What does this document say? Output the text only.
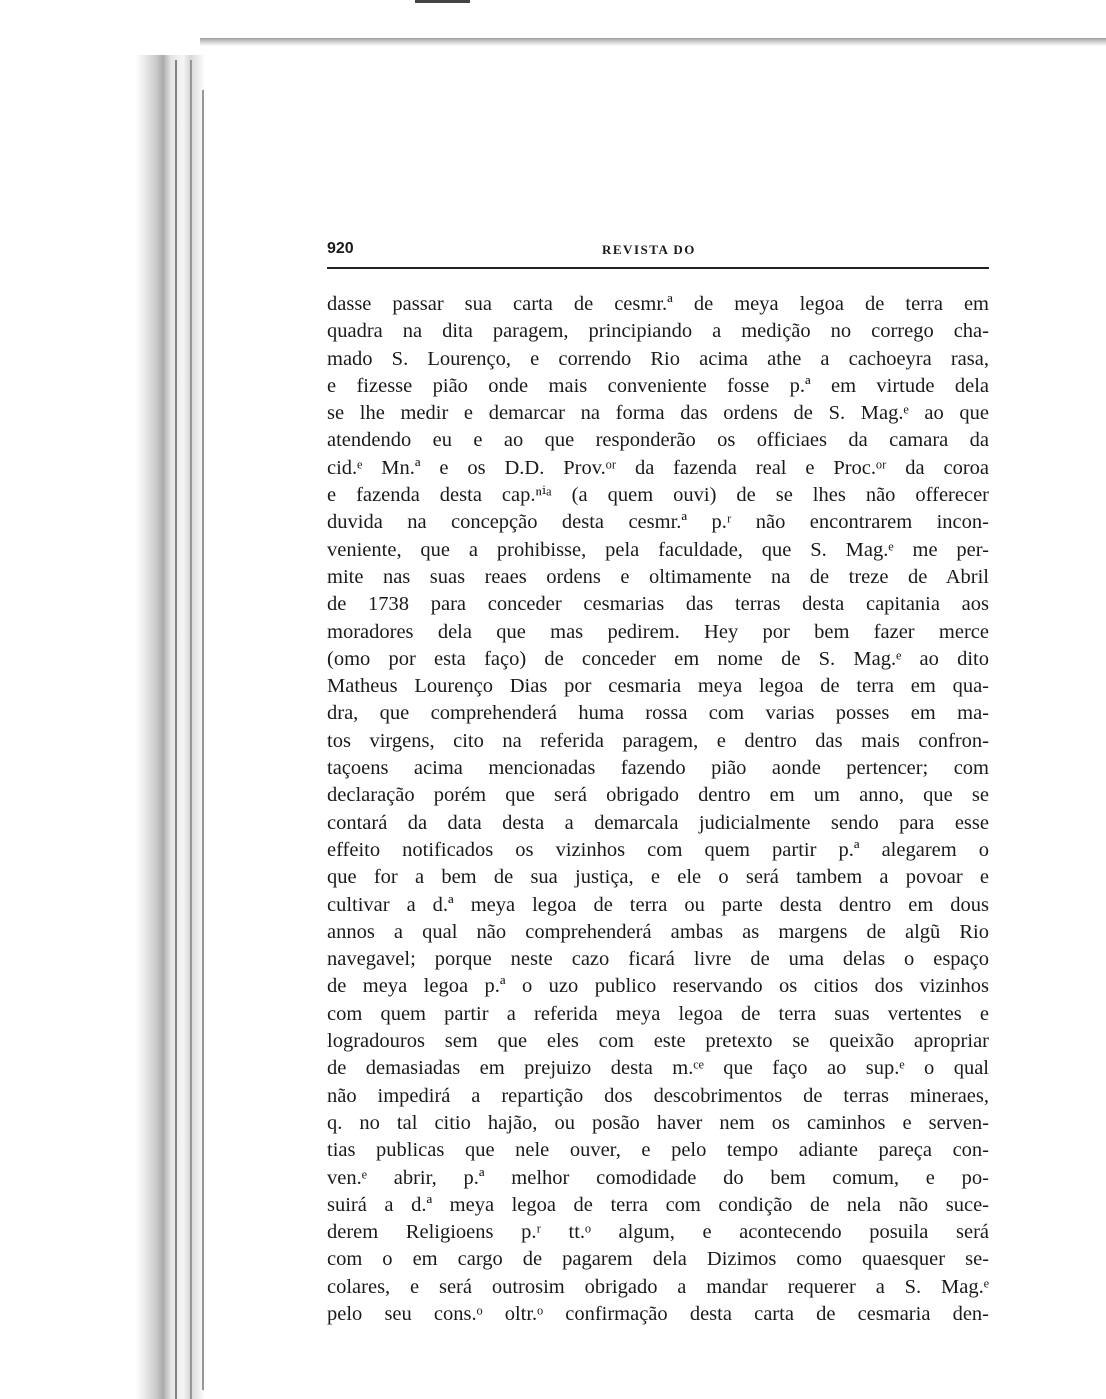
920	REVISTA DO
dasse passar sua carta de cesmr.ª de meya legoa de terra em
quadra na dita paragem, principiando a medição no corrego cha-
mado S. Lourenço, e correndo Rio acima athe a cachoeyra rasa,
e fizesse pião onde mais conveniente fosse p.ª em virtude dela
se lhe medir e demarcar na forma das ordens de S. Mag.ᵉ ao que
atendendo eu e ao que responderão os officiaes da camara da
cid.ᵉ Mn.ª e os D.D. Prov.ᵒʳ da fazenda real e Proc.ᵒʳ da coroa
e fazenda desta cap.ⁿⁱᵃ (a quem ouvi) de se lhes não offerecer
duvida na concepção desta cesmr.ª p.ʳ não encontrarem incon-
veniente, que a prohibisse, pela faculdade, que S. Mag.ᵉ me per-
mite nas suas reaes ordens e oltimamente na de treze de Abril
de 1738 para conceder cesmarias das terras desta capitania aos
moradores dela que mas pedirem. Hey por bem fazer merce
(omo por esta faço) de conceder em nome de S. Mag.ᵉ ao dito
Matheus Lourenço Dias por cesmaria meya legoa de terra em qua-
dra, que comprehenderá huma rossa com varias posses em ma-
tos virgens, cito na referida paragem, e dentro das mais confron-
taçoens acima mencionadas fazendo pião aonde pertencer; com
declaração porém que será obrigado dentro em um anno, que se
contará da data desta a demarcala judicialmente sendo para esse
effeito notificados os vizinhos com quem partir p.ª alegarem o
que for a bem de sua justiça, e ele o será tambem a povoar e
cultivar a d.ª meya legoa de terra ou parte desta dentro em dous
annos a qual não comprehenderá ambas as margens de algũ Rio
navegavel; porque neste cazo ficará livre de uma delas o espaço
de meya legoa p.ª o uzo publico reservando os citios dos vizinhos
com quem partir a referida meya legoa de terra suas vertentes e
logradouros sem que eles com este pretexto se queixão apropriar
de demasiadas em prejuizo desta m.ᶜᵉ que faço ao sup.ᵉ o qual
não impedirá a repartição dos descobrimentos de terras mineraes,
q. no tal citio hajão, ou posão haver nem os caminhos e serven-
tias publicas que nele ouver, e pelo tempo adiante pareça con-
ven.ᵉ abrir, p.ª melhor comodidade do bem comum, e po-
suirá a d.ª meya legoa de terra com condição de nela não suce-
derem Religioens p.ʳ tt.ᵒ algum, e acontecendo posuila será
com o em cargo de pagarem dela Dizimos como quaesquer se-
colares, e será outrosim obrigado a mandar requerer a S. Mag.ᵉ
pelo seu cons.ᵒ oltr.ᵒ confirmação desta carta de cesmaria den-
